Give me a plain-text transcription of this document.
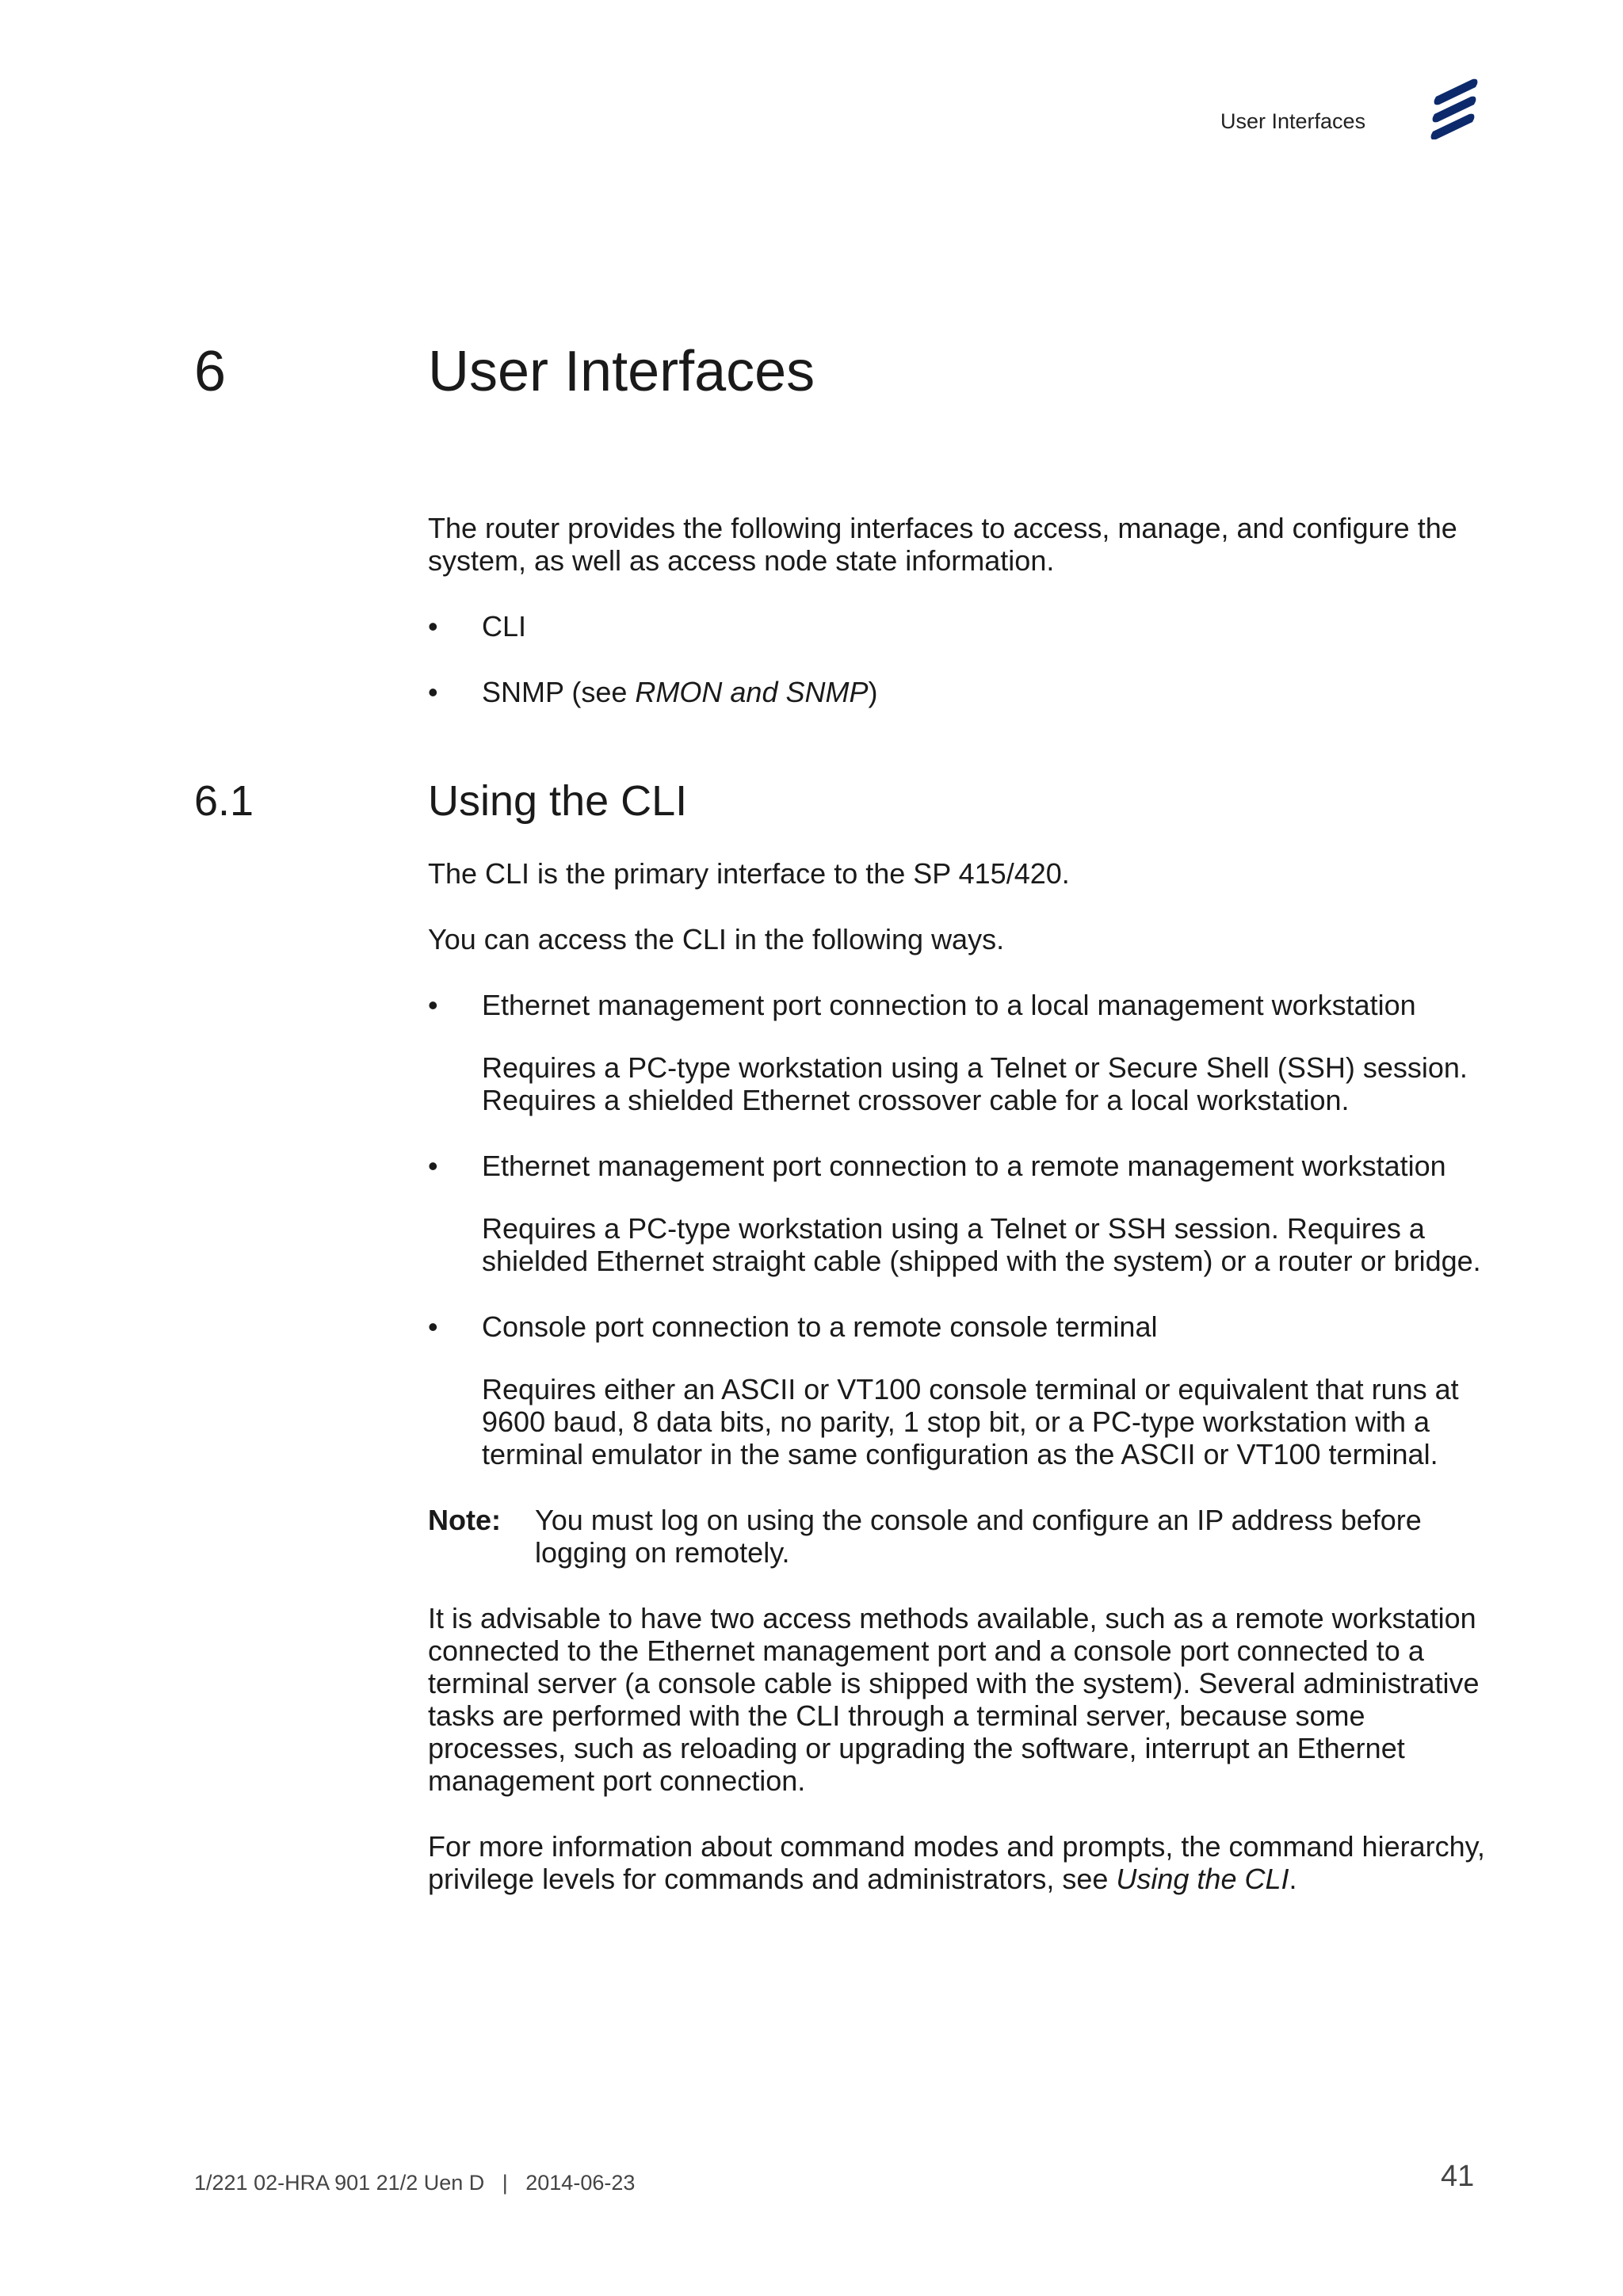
User Interfaces
6	User Interfaces

The router provides the following interfaces to access, manage, and configure the system, as well as access node state information.

• CLI
• SNMP (see RMON and SNMP)
6.1	Using the CLI

The CLI is the primary interface to the SP 415/420.

You can access the CLI in the following ways.

• Ethernet management port connection to a local management workstation

Requires a PC-type workstation using a Telnet or Secure Shell (SSH) session. Requires a shielded Ethernet crossover cable for a local workstation.

• Ethernet management port connection to a remote management workstation

Requires a PC-type workstation using a Telnet or SSH session. Requires a shielded Ethernet straight cable (shipped with the system) or a router or bridge.

• Console port connection to a remote console terminal

Requires either an ASCII or VT100 console terminal or equivalent that runs at 9600 baud, 8 data bits, no parity, 1 stop bit, or a PC-type workstation with a terminal emulator in the same configuration as the ASCII or VT100 terminal.

Note: You must log on using the console and configure an IP address before logging on remotely.

It is advisable to have two access methods available, such as a remote workstation connected to the Ethernet management port and a console port connected to a terminal server (a console cable is shipped with the system). Several administrative tasks are performed with the CLI through a terminal server, because some processes, such as reloading or upgrading the software, interrupt an Ethernet management port connection.

For more information about command modes and prompts, the command hierarchy, privilege levels for commands and administrators, see Using the CLI.

1/221 02-HRA 901 21/2 Uen D   |   2014-06-23	41
